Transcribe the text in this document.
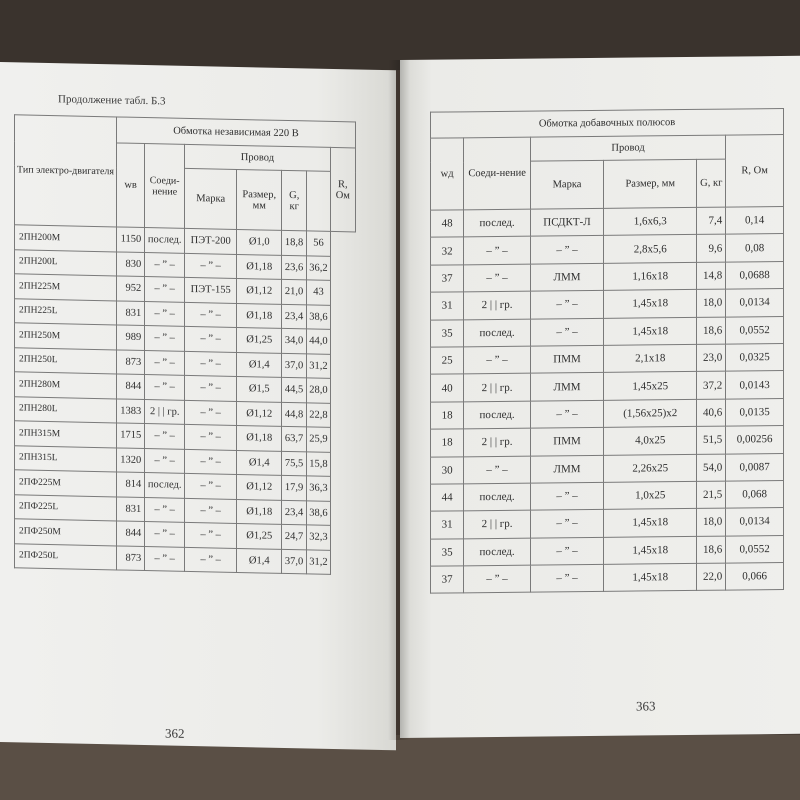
Продолжение табл. Б.3
Тип электро-двигателя	Обмотка независимая 220 В						
	wв	Соеди-нение	Провод				R, Ом
			Марка	Размер, мм	G, кг		
2ПН200М	1150	послед.	ПЭТ-200	Ø1,0	18,8	56	
2ПН200L	830	– ” –	– ” –	Ø1,18	23,6	36,2	
2ПН225М	952	– ” –	ПЭТ-155	Ø1,12	21,0	43	
2ПН225L	831	– ” –	– ” –	Ø1,18	23,4	38,6	
2ПН250М	989	– ” –	– ” –	Ø1,25	34,0	44,0	
2ПН250L	873	– ” –	– ” –	Ø1,4	37,0	31,2	
2ПН280М	844	– ” –	– ” –	Ø1,5	44,5	28,0	
2ПН280L	1383	2 | | гр.	– ” –	Ø1,12	44,8	22,8	
2ПН315М	1715	– ” –	– ” –	Ø1,18	63,7	25,9	
2ПН315L	1320	– ” –	– ” –	Ø1,4	75,5	15,8	
2ПФ225М	814	послед.	– ” –	Ø1,12	17,9	36,3	
2ПФ225L	831	– ” –	– ” –	Ø1,18	23,4	38,6	
2ПФ250М	844	– ” –	– ” –	Ø1,25	24,7	32,3	
2ПФ250L	873	– ” –	– ” –	Ø1,4	37,0	31,2	
362
Обмотка добавочных полюсов					
wд	Соеди-нение	Провод			R, Ом
		Марка	Размер, мм	G, кг	
48	послед.	ПСДКТ-Л	1,6х6,3	7,4	0,14
32	– ” –	– ” –	2,8х5,6	9,6	0,08
37	– ” –	ЛММ	1,16х18	14,8	0,0688
31	2 | | гр.	– ” –	1,45х18	18,0	0,0134
35	послед.	– ” –	1,45х18	18,6	0,0552
25	– ” –	ПММ	2,1х18	23,0	0,0325
40	2 | | гр.	ЛММ	1,45х25	37,2	0,0143
18	послед.	– ” –	(1,56х25)х2	40,6	0,0135
18	2 | | гр.	ПММ	4,0х25	51,5	0,00256
30	– ” –	ЛММ	2,26х25	54,0	0,0087
44	послед.	– ” –	1,0х25	21,5	0,068
31	2 | | гр.	– ” –	1,45х18	18,0	0,0134
35	послед.	– ” –	1,45х18	18,6	0,0552
37	– ” –	– ” –	1,45х18	22,0	0,066
363
